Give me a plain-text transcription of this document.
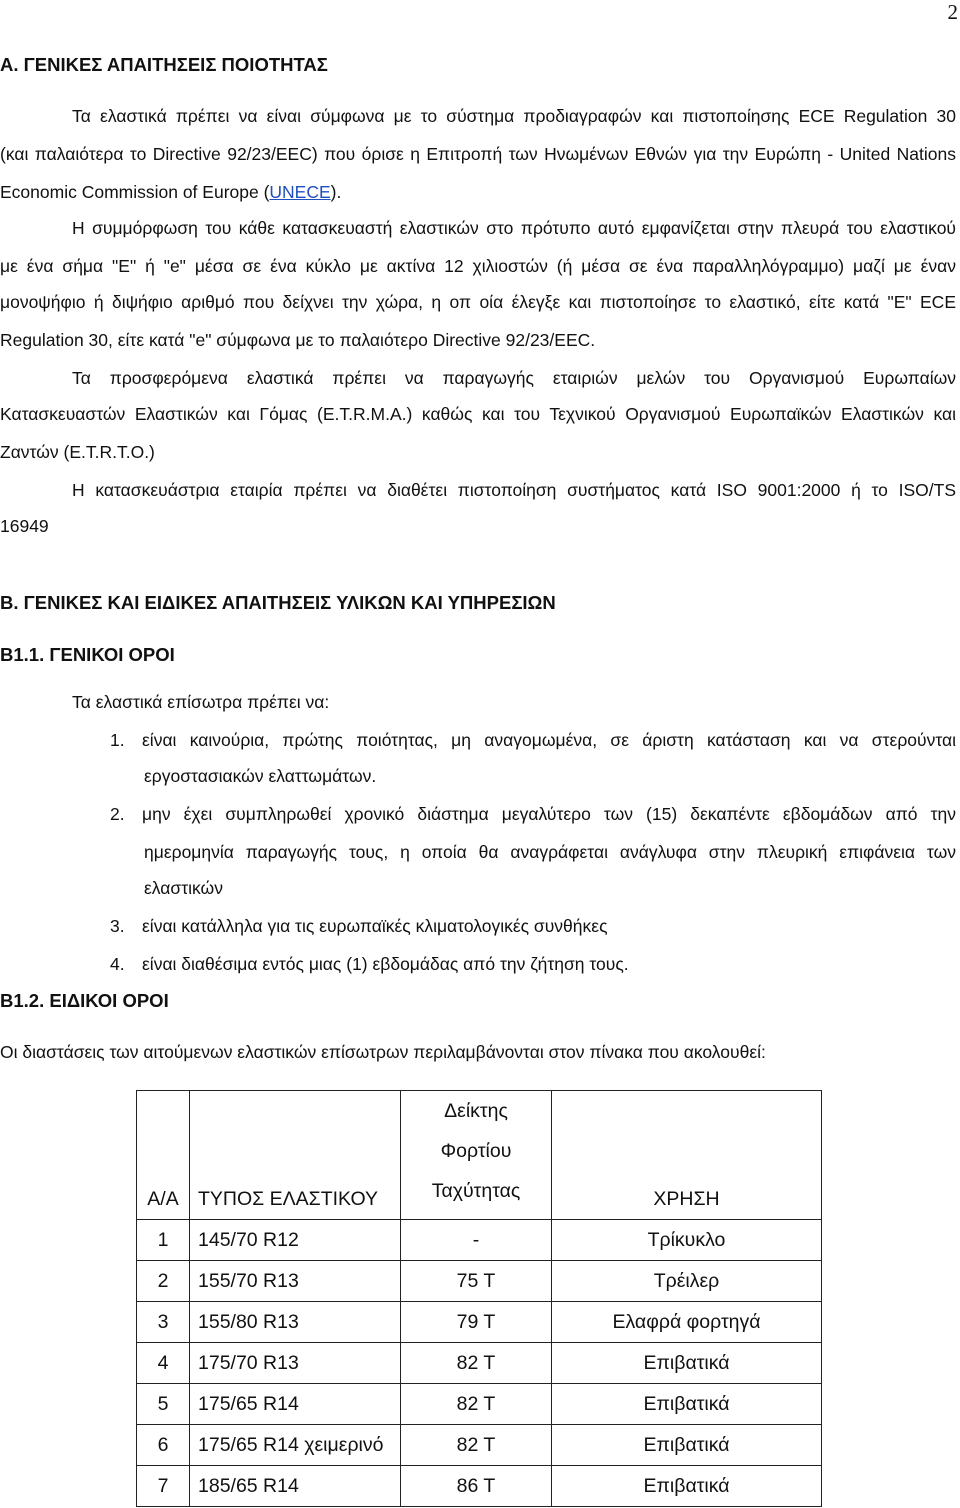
2
Α. ΓΕΝΙΚΕΣ ΑΠΑΙΤΗΣΕΙΣ ΠΟΙΟΤΗΤΑΣ
Τα ελαστικά πρέπει να είναι σύμφωνα με το σύστημα προδιαγραφών και πιστοποίησης ECE Regulation 30
(και παλαιότερα το Directive 92/23/EEC) που όρισε η Επιτροπή των Ηνωμένων Εθνών για την Ευρώπη - United Nations
Economic Commission of Europe (UNECE).
Η συμμόρφωση του κάθε κατασκευαστή ελαστικών στο πρότυπο αυτό εμφανίζεται στην πλευρά του ελαστικού
με ένα σήμα "E" ή "e" μέσα σε ένα κύκλο με ακτίνα 12 χιλιοστών (ή μέσα σε ένα παραλληλόγραμμο) μαζί με έναν
μονοψήφιο ή διψήφιο αριθμό που δείχνει την χώρα, η οπ οία έλεγξε και πιστοποίησε το ελαστικό, είτε κατά "E" ECE
Regulation 30, είτε κατά "e" σύμφωνα με το παλαιότερο Directive 92/23/EEC.
Τα προσφερόμενα ελαστικά πρέπει να παραγωγής εταιριών μελών του Οργανισμού Ευρωπαίων
Κατασκευαστών Ελαστικών και Γόμας (E.T.R.M.A.) καθώς και του Τεχνικού Οργανισμού Ευρωπαϊκών Ελαστικών και
Ζαντών (E.T.R.T.O.)
Η κατασκευάστρια εταιρία πρέπει να διαθέτει πιστοποίηση συστήματος κατά ISO 9001:2000 ή το ISO/TS
16949
Β. ΓΕΝΙΚΕΣ ΚΑΙ ΕΙΔΙΚΕΣ ΑΠΑΙΤΗΣΕΙΣ ΥΛΙΚΩΝ ΚΑΙ ΥΠΗΡΕΣΙΩΝ
Β1.1. ΓΕΝΙΚΟΙ ΟΡΟΙ
Τα ελαστικά επίσωτρα πρέπει να:
1. είναι καινούρια, πρώτης ποιότητας, μη αναγομωμένα, σε άριστη κατάσταση και να στερούνται
εργοστασιακών ελαττωμάτων.
2. μην έχει συμπληρωθεί χρονικό διάστημα μεγαλύτερο των (15) δεκαπέντε εβδομάδων από την
ημερομηνία παραγωγής τους, η οποία θα αναγράφεται ανάγλυφα στην πλευρική επιφάνεια των
ελαστικών
3. είναι κατάλληλα για τις ευρωπαϊκές κλιματολογικές συνθήκες
4. είναι διαθέσιμα εντός μιας (1) εβδομάδας από την ζήτηση τους.
Β1.2. ΕΙΔΙΚΟΙ ΟΡΟΙ
Οι διαστάσεις των αιτούμενων ελαστικών επίσωτρων περιλαμβάνονται στον πίνακα που ακολουθεί:
Α/Α	ΤΥΠΟΣ ΕΛΑΣΤΙΚΟΥ	Δείκτης
Φορτίου
Ταχύτητας	ΧΡΗΣΗ
1	145/70 R12	-	Τρίκυκλο
2	155/70 R13	75 T	Τρέιλερ
3	155/80 R13	79 T	Ελαφρά φορτηγά
4	175/70 R13	82 T	Επιβατικά
5	175/65 R14	82 T	Επιβατικά
6	175/65 R14 χειμερινό	82 T	Επιβατικά
7	185/65 R14	86 T	Επιβατικά
